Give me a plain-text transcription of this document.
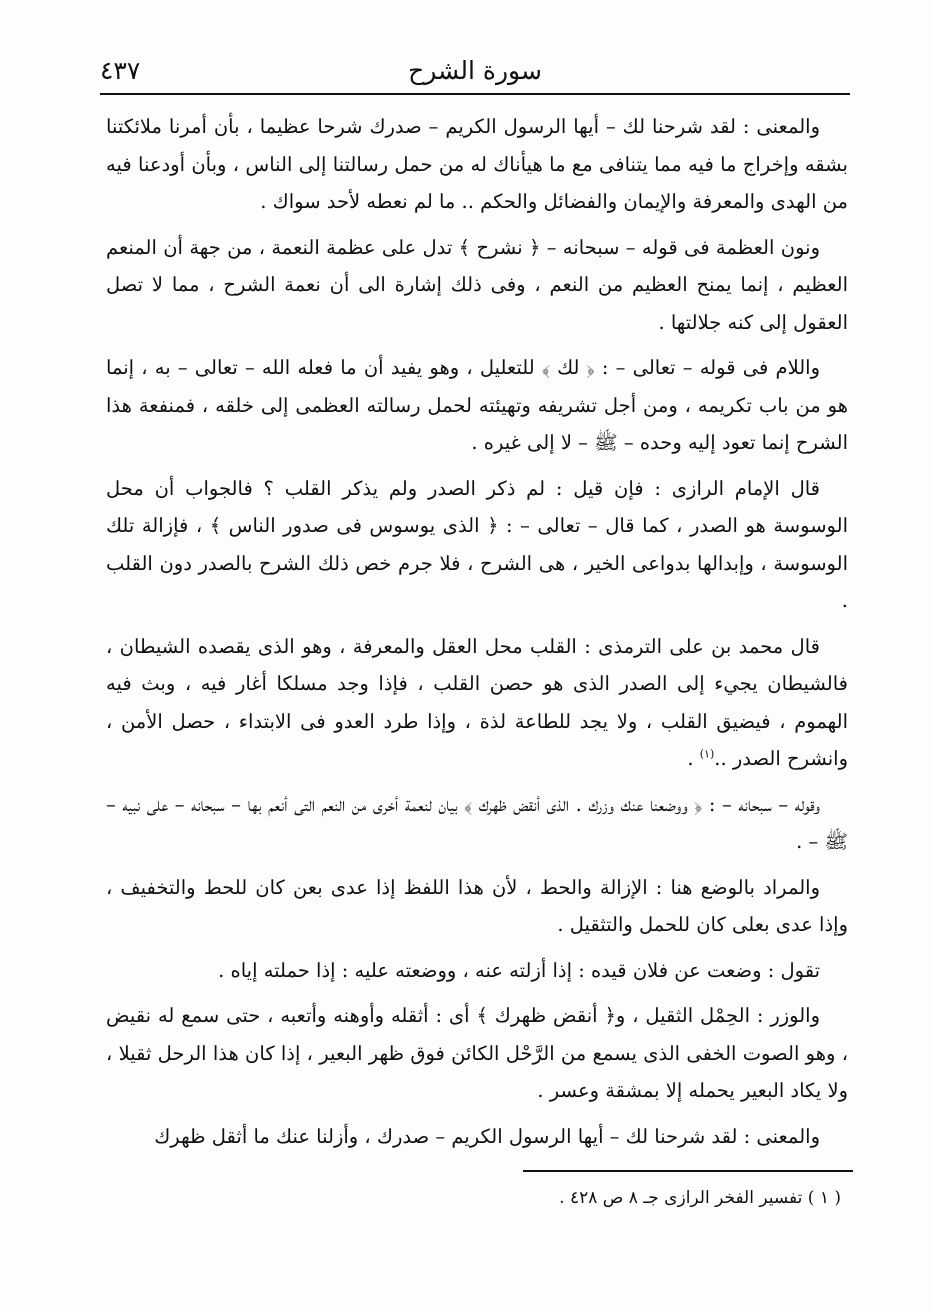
٤٣٧	سورة الشرح

والمعنى : لقد شرحنا لك – أيها الرسول الكريم – صدرك شرحا عظيما ، بأن أمرنا ملائكتنا بشقه وإخراج ما فيه مما يتنافى مع ما هيأناك له من حمل رسالتنا إلى الناس ، وبأن أودعنا فيه من الهدى والمعرفة والإيمان والفضائل والحكم .. ما لم نعطه لأحد سواك .

ونون العظمة فى قوله – سبحانه – ﴿ نشرح ﴾ تدل على عظمة النعمة ، من جهة أن المنعم العظيم ، إنما يمنح العظيم من النعم ، وفى ذلك إشارة الى أن نعمة الشرح ، مما لا تصل العقول إلى كنه جلالتها .

واللام فى قوله – تعالى – : ﴿ لك ﴾ للتعليل ، وهو يفيد أن ما فعله الله – تعالى – به ، إنما هو من باب تكريمه ، ومن أجل تشريفه وتهيئته لحمل رسالته العظمى إلى خلقه ، فمنفعة هذا الشرح إنما تعود إليه وحده – ﷺ – لا إلى غيره .

قال الإمام الرازى : فإن قيل : لم ذكر الصدر ولم يذكر القلب ؟ فالجواب أن محل الوسوسة هو الصدر ، كما قال – تعالى – : ﴿ الذى يوسوس فى صدور الناس ﴾ ، فإزالة تلك الوسوسة ، وإبدالها بدواعى الخير ، هى الشرح ، فلا جرم خص ذلك الشرح بالصدر دون القلب .

قال محمد بن على الترمذى : القلب محل العقل والمعرفة ، وهو الذى يقصده الشيطان ، فالشيطان يجيء إلى الصدر الذى هو حصن القلب ، فإذا وجد مسلكا أغار فيه ، وبث فيه الهموم ، فيضيق القلب ، ولا يجد للطاعة لذة ، وإذا طرد العدو فى الابتداء ، حصل الأمن ، وانشرح الصدر ..$^{(١)}$ .

وقوله – سبحانه – : ﴿ ووضعنا عنك وزرك . الذى أنقض ظهرك ﴾ بيان لنعمة أخرى من النعم التى أنعم بها – سبحانه – على نبيه – ﷺ – .

والمراد بالوضع هنا : الإزالة والحط ، لأن هذا اللفظ إذا عدى بعن كان للحط والتخفيف ، وإذا عدى بعلى كان للحمل والتثقيل .

تقول : وضعت عن فلان قيده : إذا أزلته عنه ، ووضعته عليه : إذا حملته إياه .

والوزر : الحِمْل الثقيل ، و﴿ أنقض ظهرك ﴾ أى : أثقله وأوهنه وأتعبه ، حتى سمع له نقيض ، وهو الصوت الخفى الذى يسمع من الرَّحْل الكائن فوق ظهر البعير ، إذا كان هذا الرحل ثقيلا ، ولا يكاد البعير يحمله إلا بمشقة وعسر .

والمعنى : لقد شرحنا لك – أيها الرسول الكريم – صدرك ، وأزلنا عنك ما أثقل ظهرك

( ١ ) تفسير الفخر الرازى جـ ٨ ص ٤٢٨ .
